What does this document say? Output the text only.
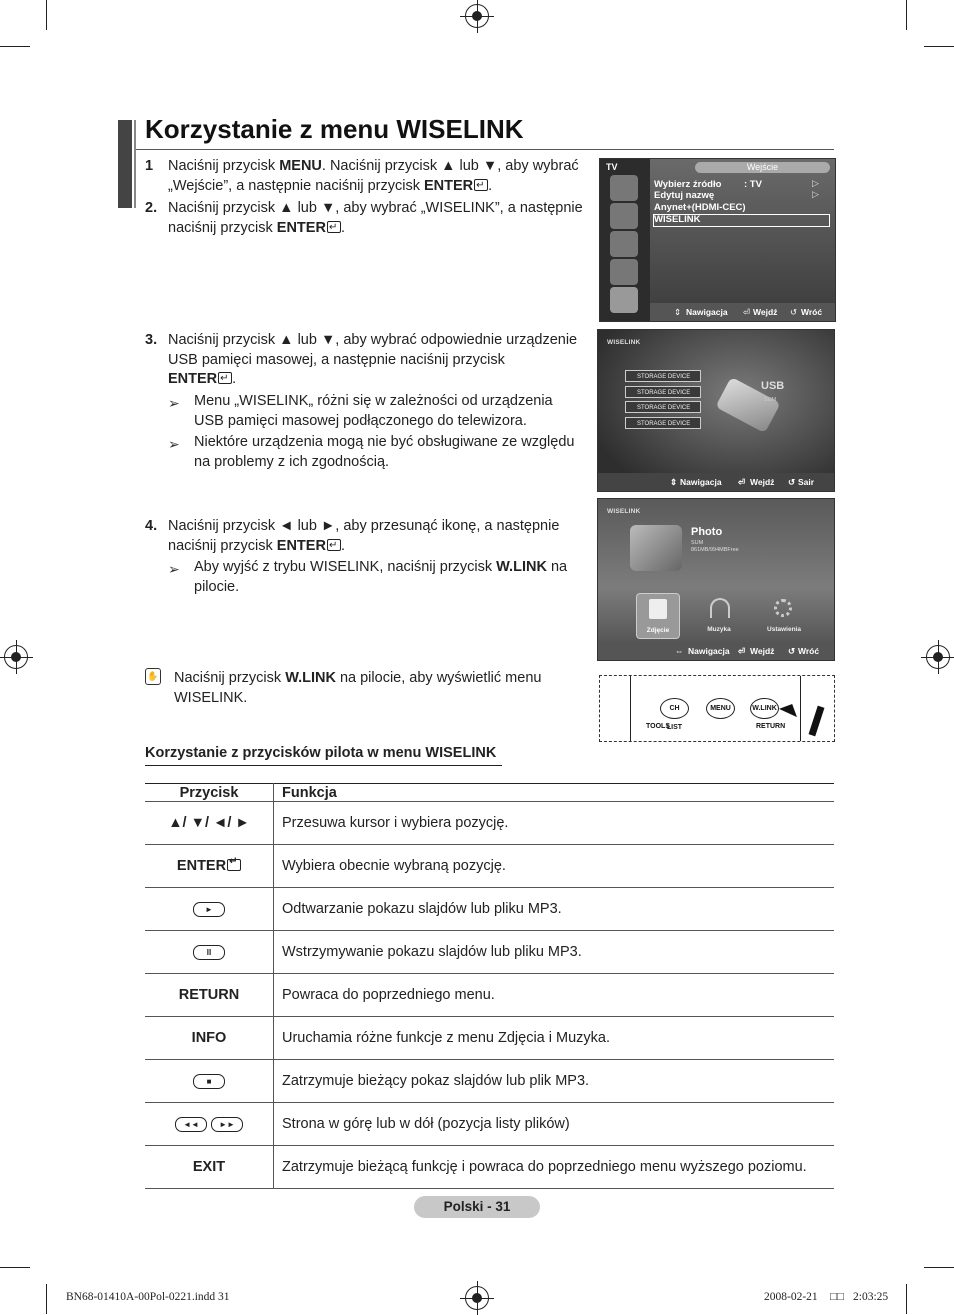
Korzystanie z menu WISELINK
1 Naciśnij przycisk MENU. Naciśnij przycisk ▲ lub ▼, aby wybrać
„Wejście”, a następnie naciśnij przycisk ENTER ↵ .
2. Naciśnij przycisk ▲ lub ▼, aby wybrać „WISELINK”, a następnie
naciśnij przycisk ENTER ↵ .
TV	Wejście
Wybierz źródło : TV	▷
Edytuj nazwę	▷
Anynet+(HDMI-CEC)
WISELINK
⇕ Nawigacja ⏎ Wejdź ↺ Wróć
3. Naciśnij przycisk ▲ lub ▼, aby wybrać odpowiednie urządzenie
USB pamięci masowej, a następnie naciśnij przycisk
ENTER ↵ .
➢ Menu „WISELINK„ różni się w zależności od urządzenia
USB pamięci masowej podłączonego do telewizora.
➢ Niektóre urządzenia mogą nie być obsługiwane ze względu
na problemy z ich zgodnością.
WISELINK
STORAGE DEVICE
STORAGE DEVICE
STORAGE DEVICE
STORAGE DEVICE
USB
SUM
⇕ Nawigacja ⏎ Wejdź ↺ Sair
4. Naciśnij przycisk ◄ lub ►, aby przesunąć ikonę, a następnie
naciśnij przycisk ENTER ↵ .
➢ Aby wyjść z trybu WISELINK, naciśnij przycisk W.LINK na
pilocie.
WISELINK
Photo
SUM
861MB/994MBFree
Zdjęcie	Muzyka	Ustawienia
⇔ Nawigacja ⏎ Wejdź ↺ Wróć
✋ Naciśnij przycisk W.LINK na pilocie, aby wyświetlić menu
WISELINK.
CH LIST
MENU	W.LINK
TOOLS	RETURN
Korzystanie z przycisków pilota w menu WISELINK
Przycisk	Funkcja
▲/ ▼/ ◄/ ►	Przesuwa kursor i wybiera pozycję.
ENTER↵	Wybiera obecnie wybraną pozycję.
►	Odtwarzanie pokazu slajdów lub pliku MP3.
II	Wstrzymywanie pokazu slajdów lub pliku MP3.
RETURN	Powraca do poprzedniego menu.
INFO	Uruchamia różne funkcje z menu Zdjęcia i Muzyka.
■	Zatrzymuje bieżący pokaz slajdów lub plik MP3.
◄◄ ►►	Strona w górę lub w dół (pozycja listy plików)
EXIT	Zatrzymuje bieżącą funkcję i powraca do poprzedniego menu wyższego poziomu.
Polski - 31
BN68-01410A-00Pol-0221.indd 31	2008-02-21 □□ 2:03:25
